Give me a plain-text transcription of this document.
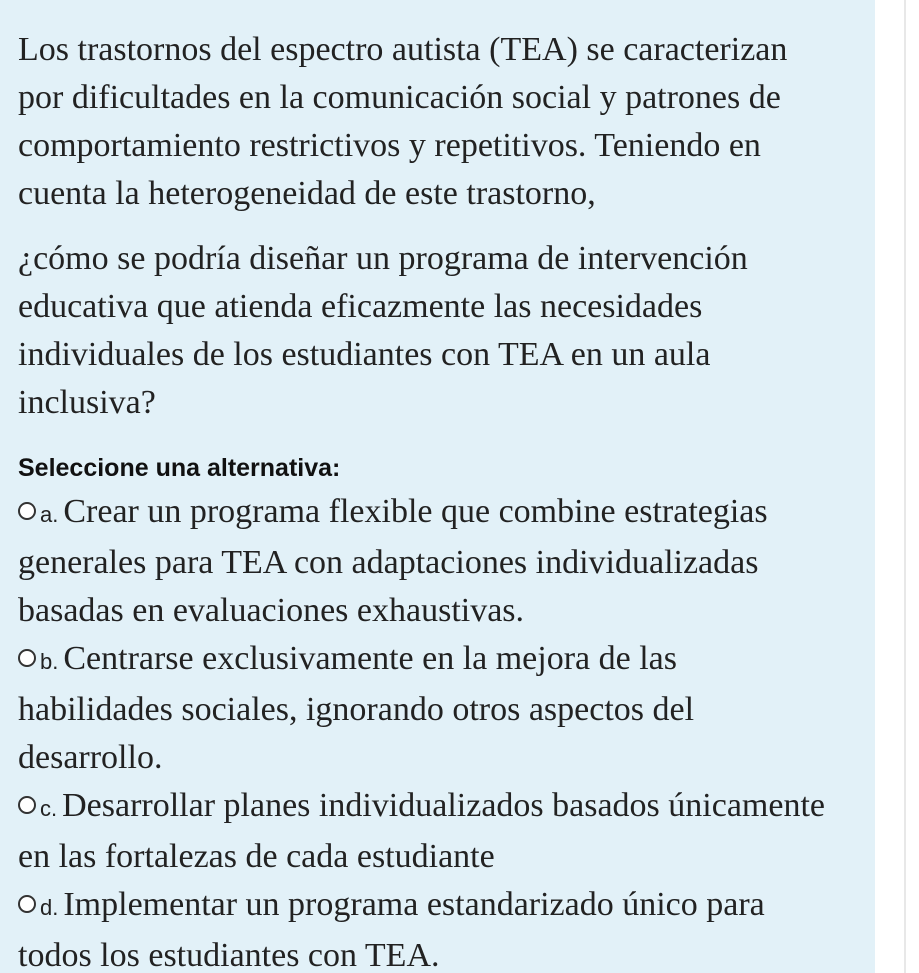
Los trastornos del espectro autista (TEA) se caracterizan
por dificultades en la comunicación social y patrones de
comportamiento restrictivos y repetitivos. Teniendo en
cuenta la heterogeneidad de este trastorno,
¿cómo se podría diseñar un programa de intervención
educativa que atienda eficazmente las necesidades
individuales de los estudiantes con TEA en un aula
inclusiva?
Seleccione una alternativa:
a. Crear un programa flexible que combine estrategias
generales para TEA con adaptaciones individualizadas
basadas en evaluaciones exhaustivas.
b. Centrarse exclusivamente en la mejora de las
habilidades sociales, ignorando otros aspectos del
desarrollo.
c. Desarrollar planes individualizados basados únicamente
en las fortalezas de cada estudiante
d. Implementar un programa estandarizado único para
todos los estudiantes con TEA.
